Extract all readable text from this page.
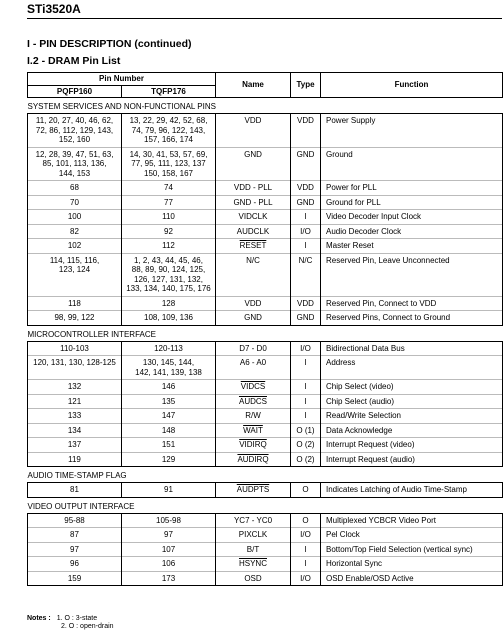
STi3520A
I - PIN DESCRIPTION (continued)
I.2 - DRAM Pin List
Pin Number		Name	Type	Function
PQFP160	TQFP176			

SYSTEM SERVICES AND NON-FUNCTIONAL PINS				
11, 20, 27, 40, 46, 62,
72, 86, 112, 129, 143,
152, 160	13, 22, 29, 42, 52, 68,
74, 79, 96, 122, 143,
157, 166, 174	VDD	VDD	Power Supply
12, 28, 39, 47, 51, 63,
85, 101, 113, 136,
144, 153	14, 30, 41, 53, 57, 69,
77, 95, 111, 123, 137
150, 158, 167	GND	GND	Ground
68	74	VDD - PLL	VDD	Power for PLL
70	77	GND - PLL	GND	Ground for PLL
100	110	VIDCLK	I	Video Decoder Input Clock
82	92	AUDCLK	I/O	Audio Decoder Clock
102	112	RESET	I	Master Reset
114, 115, 116,
123, 124	1, 2, 43, 44, 45, 46,
88, 89, 90, 124, 125,
126, 127, 131, 132,
133, 134, 140, 175, 176	N/C	N/C	Reserved Pin, Leave Unconnected
118	128	VDD	VDD	Reserved Pin, Connect to VDD
98, 99, 122	108, 109, 136	GND	GND	Reserved Pins, Connect to Ground

MICROCONTROLLER INTERFACE				
110-103	120-113	D7 - D0	I/O	Bidirectional Data Bus
120, 131, 130, 128-125	130, 145, 144,
142, 141, 139, 138	A6 - A0	I	Address
132	146	VIDCS	I	Chip Select (video)
121	135	AUDCS	I	Chip Select (audio)
133	147	R/W	I	Read/Write Selection
134	148	WAIT	O (1)	Data Acknowledge
137	151	VIDIRQ	O (2)	Interrupt Request (video)
119	129	AUDIRQ	O (2)	Interrupt Request (audio)

AUDIO TIME-STAMP FLAG				
81	91	AUDPTS	O	Indicates Latching of Audio Time-Stamp

VIDEO OUTPUT INTERFACE				
95-88	105-98	YC7 - YC0	O	Multiplexed YCBCR Video Port
87	97	PIXCLK	I/O	Pel Clock
97	107	B/T	I	Bottom/Top Field Selection (vertical sync)
96	106	HSYNC	I	Horizontal Sync
159	173	OSD	I/O	OSD Enable/OSD Active
Notes : 1. O : 3-state
2. O : open-drain
